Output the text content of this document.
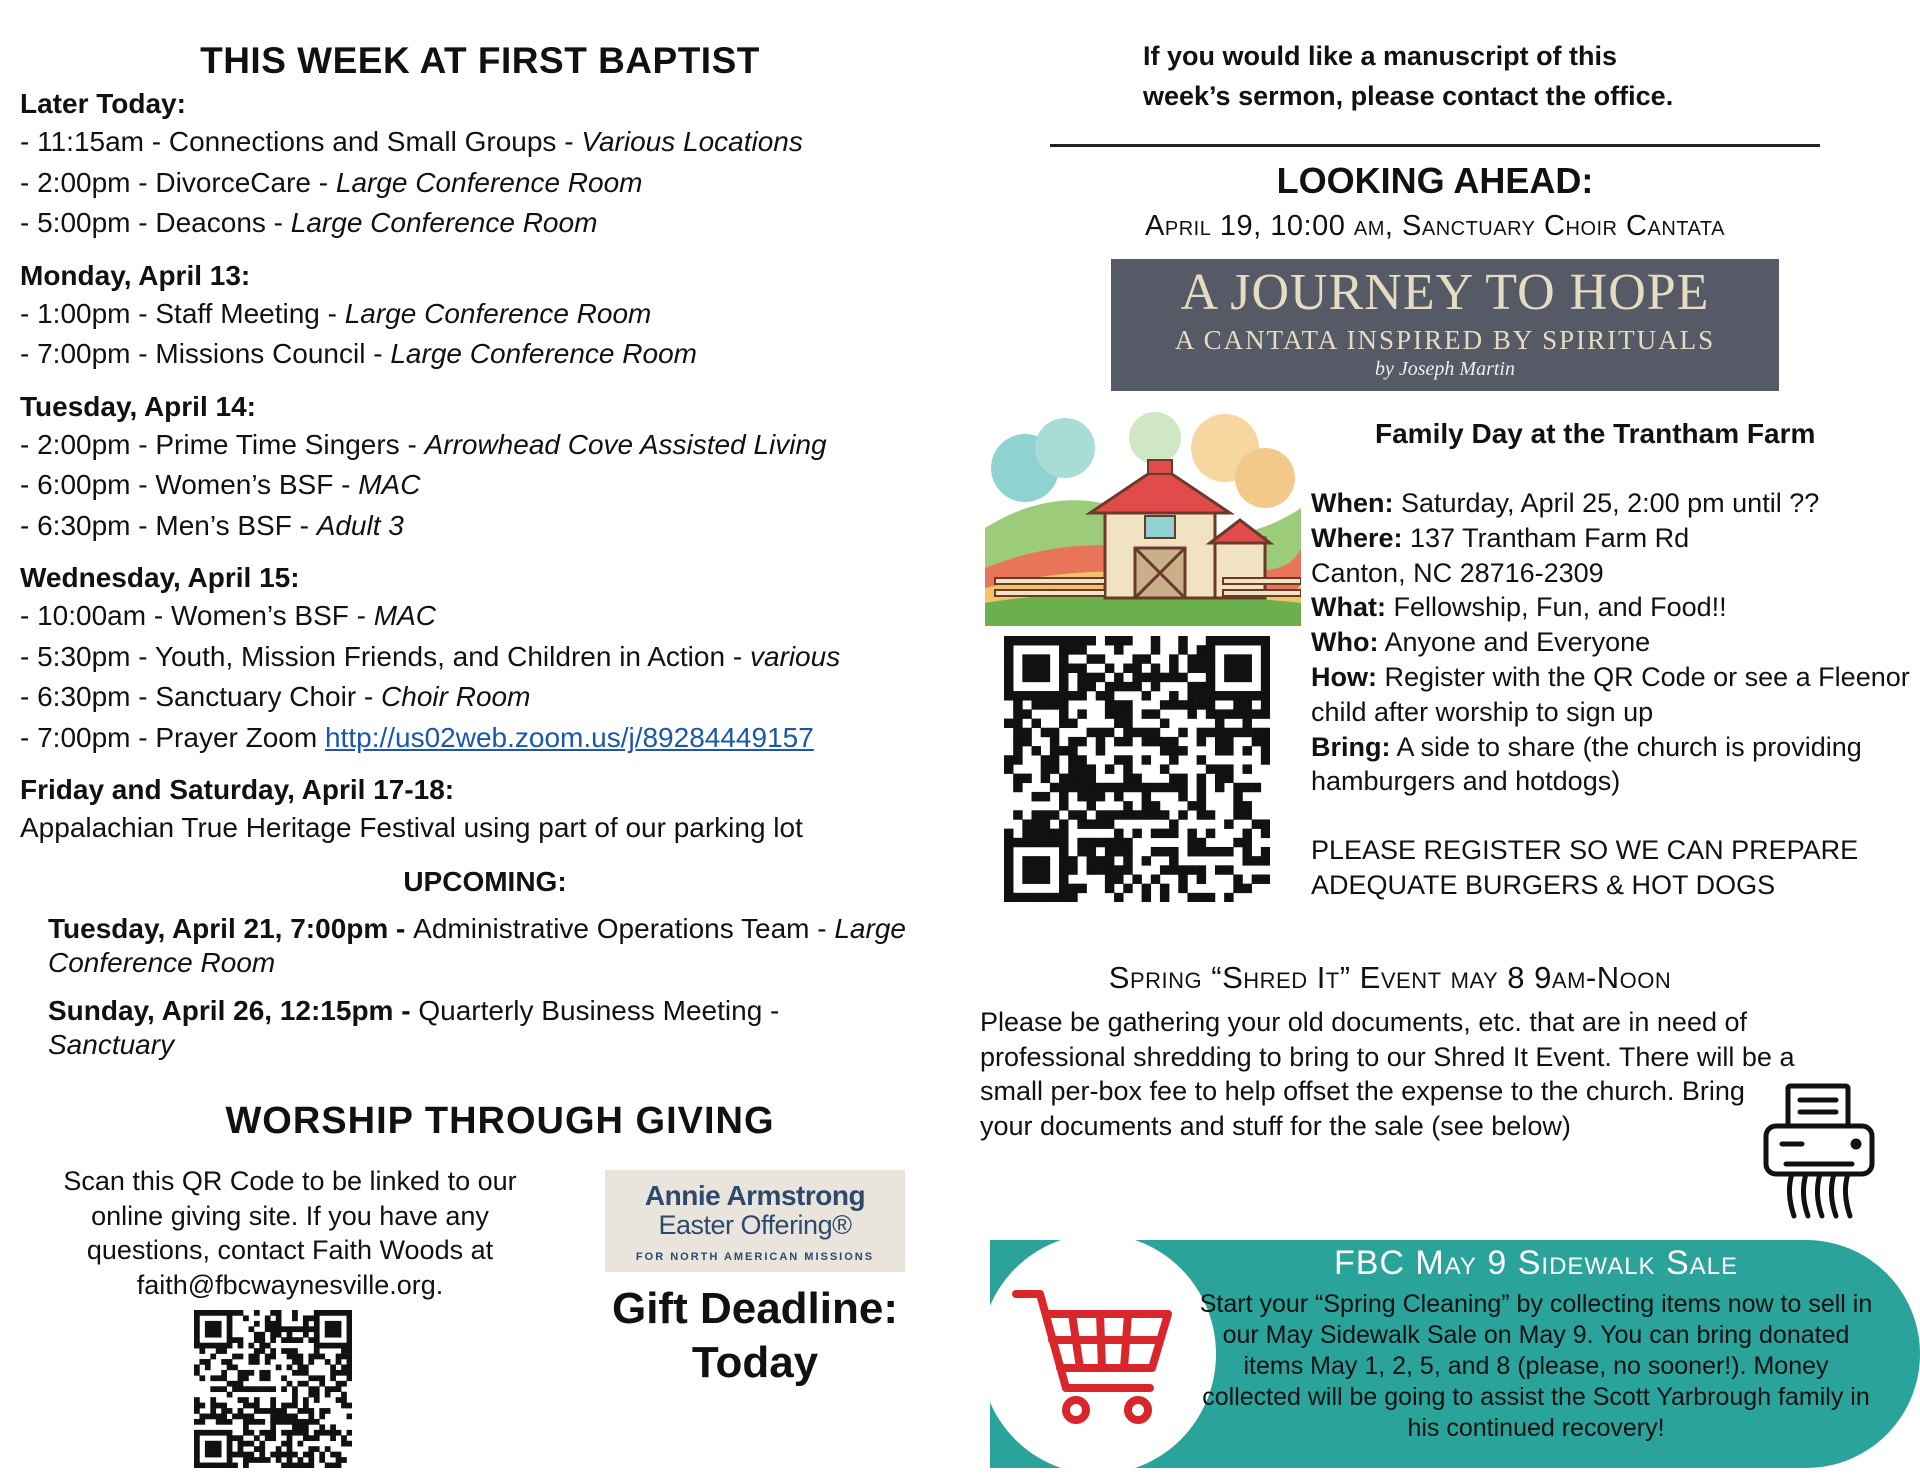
THIS WEEK AT FIRST BAPTIST
Later Today:
- 11:15am - Connections and Small Groups - Various Locations
- 2:00pm - DivorceCare - Large Conference Room
- 5:00pm - Deacons - Large Conference Room
Monday, April 13:
- 1:00pm - Staff Meeting - Large Conference Room
- 7:00pm - Missions Council - Large Conference Room
Tuesday, April 14:
- 2:00pm - Prime Time Singers - Arrowhead Cove Assisted Living
- 6:00pm - Women’s BSF - MAC
- 6:30pm - Men’s BSF - Adult 3
Wednesday, April 15:
- 10:00am - Women’s BSF - MAC
- 5:30pm - Youth, Mission Friends, and Children in Action - various
- 6:30pm - Sanctuary Choir - Choir Room
- 7:00pm - Prayer Zoom http://us02web.zoom.us/j/89284449157
Friday and Saturday, April 17-18:
Appalachian True Heritage Festival using part of our parking lot
UPCOMING:
Tuesday, April 21, 7:00pm - Administrative Operations Team - Large Conference Room
Sunday, April 26, 12:15pm - Quarterly Business Meeting - Sanctuary
WORSHIP THROUGH GIVING
Scan this QR Code to be linked to our online giving site. If you have any questions, contact Faith Woods at faith@fbcwaynesville.org.
Annie Armstrong
Easter Offering®
FOR NORTH AMERICAN MISSIONS
Gift Deadline:
Today
If you would like a manuscript of this
week’s sermon, please contact the office.
LOOKING AHEAD:
April 19, 10:00 am, Sanctuary Choir Cantata
A JOURNEY TO HOPE
A CANTATA INSPIRED BY SPIRITUALS
by Joseph Martin
Family Day at the Trantham Farm
When: Saturday, April 25, 2:00 pm until ??
Where: 137 Trantham Farm Rd
Canton, NC 28716-2309
What: Fellowship, Fun, and Food!!
Who: Anyone and Everyone
How: Register with the QR Code or see a Fleenor child after worship to sign up
Bring: A side to share (the church is providing hamburgers and hotdogs)
PLEASE REGISTER SO WE CAN PREPARE ADEQUATE BURGERS & HOT DOGS
Spring “Shred It” Event may 8 9am-Noon
Please be gathering your old documents, etc. that are in need of professional shredding to bring to our Shred It Event. There will be a small per-box fee to help offset the expense to the church. Bring your documents and stuff for the sale (see below)
FBC May 9 Sidewalk Sale
Start your “Spring Cleaning” by collecting items now to sell in our May Sidewalk Sale on May 9. You can bring donated items May 1, 2, 5, and 8 (please, no sooner!). Money collected will be going to assist the Scott Yarbrough family in his continued recovery!
